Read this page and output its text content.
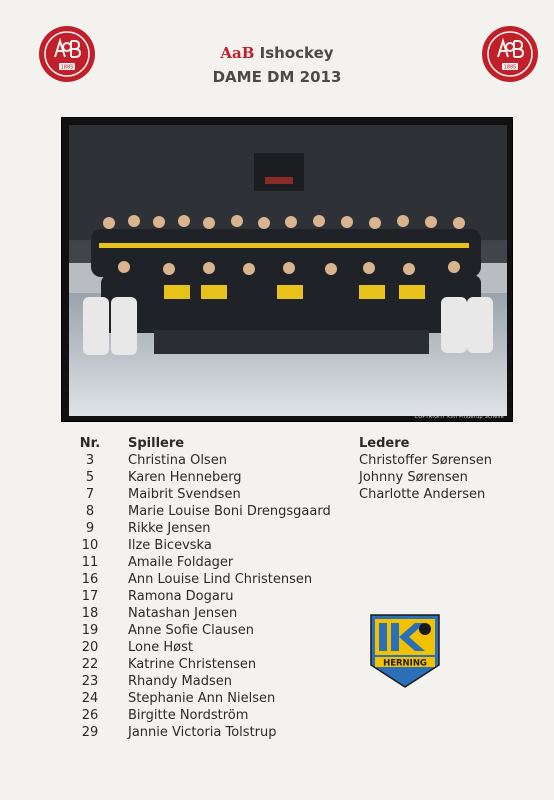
1885	1885
AaB Ishockey
DAME DM 2013
COPYRIGHT Kim Pinderup Schelle
Nr.	Spillere
3	Christina Olsen
5	Karen Henneberg
7	Maibrit Svendsen
8	Marie Louise Boni Drengsgaard
9	Rikke Jensen
10	Ilze Bicevska
11	Amaile Foldager
16	Ann Louise Lind Christensen
17	Ramona Dogaru
18	Natashan Jensen
19	Anne Sofie Clausen
20	Lone Høst
22	Katrine Christensen
23	Rhandy Madsen
24	Stephanie Ann Nielsen
26	Birgitte Nordström
29	Jannie Victoria Tolstrup
Ledere
Christoffer Sørensen
Johnny Sørensen
Charlotte Andersen
HERNING
